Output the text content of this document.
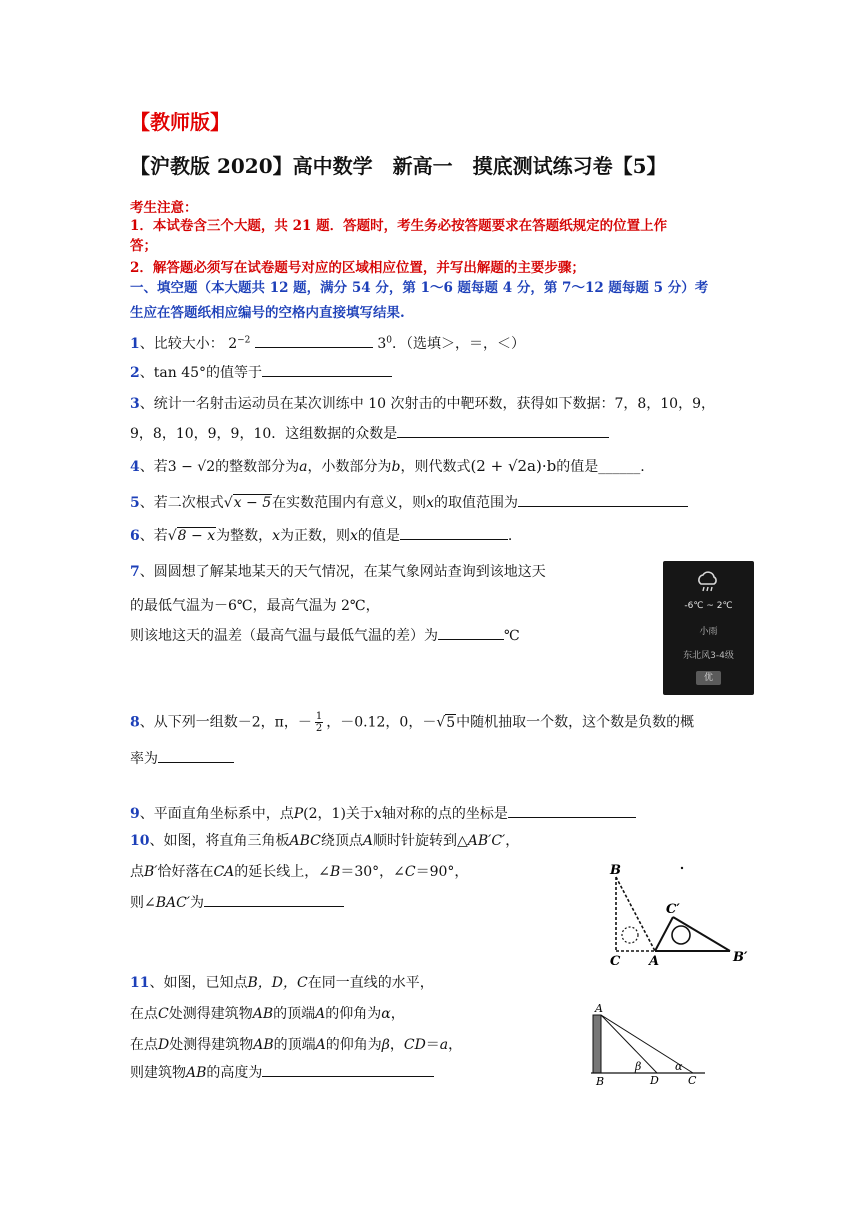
【教师版】
【沪教版 2020】高中数学　新高一　摸底测试练习卷【5】
考生注意：
1．本试卷含三个大题，共 21 题．答题时，考生务必按答题要求在答题纸规定的位置上作
答；
2．解答题必须写在试卷题号对应的区域相应位置，并写出解题的主要步骤；
一、填空题（本大题共 12 题，满分 54 分，第 1～6 题每题 4 分，第 7～12 题每题 5 分）考
生应在答题纸相应编号的空格内直接填写结果.
1、比较大小： $2^{-2}$	$3^0$．（选填＞，＝，＜）
2、tan 45°的值等于
3、统计一名射击运动员在某次训练中 10 次射击的中靶环数，获得如下数据：7，8，10，9，
9，8，10，9，9，10．这组数据的众数是
4、若3 − √2的整数部分为a，小数部分为b，则代数式(2 + √2a)·b的值是______.
5、若二次根式√x − 5在实数范围内有意义，则x的取值范围为
6、若√8 − x为整数，x为正数，则x的值是	.
7、圆圆想了解某地某天的天气情况，在某气象网站查询到该地这天
的最低气温为－6℃，最高气温为 2℃，
则该地这天的温差（最高气温与最低气温的差）为	℃
-6℃ ~ 2℃
小雨
东北风3-4级
优
8、从下列一组数－2，π，－ $\frac{1}{2}$ ，－0.12，0，－√5中随机抽取一个数，这个数是负数的概
率为
9、平面直角坐标系中，点P(2，1)关于x轴对称的点的坐标是
10、如图，将直角三角板ABC绕顶点A顺时针旋转到△AB′C′，
点B′恰好落在CA的延长线上，∠B＝30°，∠C＝90°，
则∠BAC′为
B
C′
C A	B′
11、如图，已知点B，D，C在同一直线的水平，
在点C处测得建筑物AB的顶端A的仰角为α，
在点D处测得建筑物AB的顶端A的仰角为β，CD＝a，
则建筑物AB的高度为
A
B
β
D
α
C
